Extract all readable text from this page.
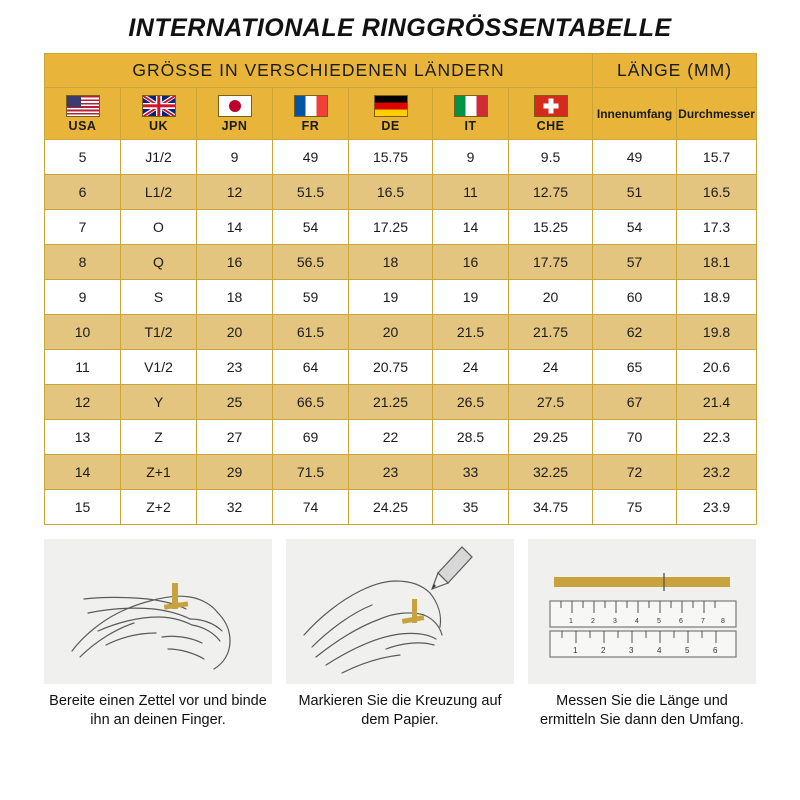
INTERNATIONALE RINGGRÖSSENTABELLE
GRÖSSE IN VERSCHIEDENEN LÄNDERN							LÄNGE (MM)	

USA	UK	JPN	FR	DE	IT	CHE	Innenumfang	Durchmesser
5	J1/2	9	49	15.75	9	9.5	49	15.7
6	L1/2	12	51.5	16.5	11	12.75	51	16.5
7	O	14	54	17.25	14	15.25	54	17.3
8	Q	16	56.5	18	16	17.75	57	18.1
9	S	18	59	19	19	20	60	18.9
10	T1/2	20	61.5	20	21.5	21.75	62	19.8
11	V1/2	23	64	20.75	24	24	65	20.6
12	Y	25	66.5	21.25	26.5	27.5	67	21.4
13	Z	27	69	22	28.5	29.25	70	22.3
14	Z+1	29	71.5	23	33	32.25	72	23.2
15	Z+2	32	74	24.25	35	34.75	75	23.9
Bereite einen Zettel vor und binde ihn an deinen Finger.
Markieren Sie die Kreuzung auf dem Papier.
1	2	3	4	5	6	7 8
1	2	3	4	5	6
Messen Sie die Länge und ermitteln Sie dann den Umfang.
